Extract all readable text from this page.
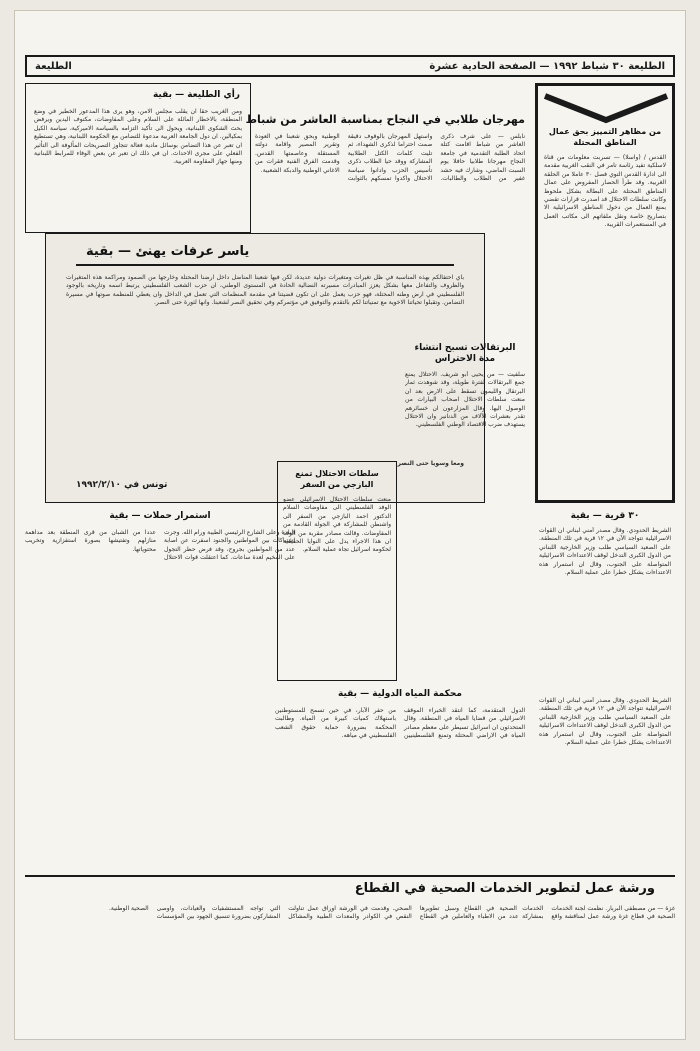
الطليعة ٣٠ شباط ١٩٩٢ — الصفحة الحادية عشرة
الطليعة
من مظاهر التمييز بحق عمال المناطق المحتلة
القدس / (واسلا) — تسربت معلومات من قناة لاسلكية تفيد رئاسة تامر في النقب الغربية مقدمة الى ادارة القدس التوي فصل ٣٠ عاملا من الحلقة الغربية. وقد طرأ الحصار المفروض على عمال المناطق المحتلة على البطالة بشكل ملحوظ وكانت سلطات الاحتلال قد اصدرت قرارات تقضي بمنع العمال من دخول المناطق الاسرائيلية الا بتصاريح خاصة ونقل ملفاتهم الى مكاتب العمل في المستعمرات القريبة.
٣٠ قرية — بقية
الشريط الحدودي. وقال مصدر أمني لبناني ان القوات الاسرائيلية تتواجد الآن في ١٢ قرية في تلك المنطقة. على الصعيد السياسي طلب وزير الخارجية اللبناني من الدول الكبرى التدخل لوقف الاعتداءات الاسرائيلية المتواصلة على الجنوب، وقال ان استمرار هذه الاعتداءات يشكل خطرا على عملية السلام.
مهرجان طلابي في النجاح بمناسبة العاشر من شباط
نابلس — على شرف ذكرى العاشر من شباط اقامت كتلة اتحاد الطلبة التقدمية في جامعة النجاح مهرجانا طلابيا حافلا يوم السبت الماضي، وشارك فيه حشد غفير من الطلاب والطالبات. واستهل المهرجان بالوقوف دقيقة صمت احتراما لذكرى الشهداء، ثم تليت كلمات الكتل الطلابية المشاركة ووقد حيا الطلاب ذكرى تأسيس الحزب وادانوا سياسة الاحتلال واكدوا تمسكهم بالثوابت الوطنية وبحق شعبنا في العودة وتقرير المصير واقامة دولته المستقلة وعاصمتها القدس. وقدمت الفرق الفنية فقرات من الاغاني الوطنية والدبكة الشعبية.
رأي الطليعة — بقية
ومن الغريب حقا ان يقلب مجلس الامن، وهو يرى هذا المدعور الخطير في وضع المنطقة، بالاخطار المائلة على السلام وعلى المفاوضات، مكتوف اليدين ويرفض بحث الشكوى اللبنانية، ويحول الى تأكيد التزامه بالسياسة الاميركية، سياسة الكيل بمكيالين. ان دول الجامعة العربية مدعوة للتضامن مع الحكومة اللبنانية، وهي تستطيع ان تعبر عن هذا التضامن بوسائل مادية فعالة تتجاوز التصريحات المألوفة الى التأثير الفعلي على مجرى الاحداث. ان في ذلك ان تعبر عن بعض الوفاء للمرابط اللبنانية ومنها جهاز المقاومة العربية.
ياسر عرفات يهنئ — بقية
بأي احتفالكم بهذه المناسبة في ظل تغيرات ومتغيرات دولية عديدة، لكن فيها شعبنا المناضل داخل ارضنا المحتلة وخارجها من الصمود ومراكمة هذه المتغيرات والظروف والتفاعل معها بشكل يعزز المبادرات مسيرته النضالية الحادة في المستوى الوطني، ان حزب الشعب الفلسطيني يرتبط اسمه وتاريخه بالوجود الفلسطيني في ارض وطنه المحتلة، فهو حزب يعمل على ان تكون قضيتنا في مقدمة المنظمات التي تعمل في الداخل وان يعطي للمنظمة صوتها في مسيرة التضامن. وتقبلوا تحياتنا الاخوية مع تمنياتنا لكم بالتقدم والتوفيق في مؤتمركم وفي تحقيق النصر لشعبنا. وانها لثورة حتى النصر.
ومعا وسويا حتى النصر
تونس في ١٩٩٢/٢/١٠
البرتقالات تسبح انتشاء مدة الاحتراس
سلفيت — من يحيى أبو شريف. الاحتلال يمنع جمع البرتقالات لفترة طويلة، وقد شوهدت ثمار البرتقال والليمون تسقط على الارض بعد ان منعت سلطات الاحتلال اصحاب البيارات من الوصول اليها. وقال المزارعون ان خسائرهم تقدر بعشرات الآلاف من الدنانير وان الاحتلال يستهدف ضرب الاقتصاد الوطني الفلسطيني.
سلطات الاحتلال تمنع البازجي من السفر
منعت سلطات الاحتلال الاسرائيلي عضو الوفد الفلسطيني الى مفاوضات السلام الدكتور احمد البازجي من السفر الى واشنطن للمشاركة في الجولة القادمة من المفاوضات. وقالت مصادر مقربة من الوفد ان هذا الاجراء يدل على النوايا الحقيقية لحكومة اسرائيل تجاه عملية السلام.
استمرار حملات — بقية
البلدة وعلى الشارع الرئيسي الطيبة ورام الله. وجرت اشتباكات بين المواطنين والجنود اسفرت عن اصابة عدد من المواطنين بجروح، وقد فرض حظر التجول على المخيم لعدة ساعات. كما اعتقلت قوات الاحتلال عددا من الشبان من قرى المنطقة بعد مداهمة منازلهم وتفتيشها بصورة استفزازية وتخريب محتوياتها.
محكمة المياه الدولية — بقية
الدول المتقدمة، كما انتقد الخبراء الموقف الاسرائيلي من قضايا المياه في المنطقة. وقال المتحدثون ان اسرائيل تسيطر على معظم مصادر المياه في الاراضي المحتلة وتمنع الفلسطينيين من حفر الآبار، في حين تسمح للمستوطنين باستهلاك كميات كبيرة من المياه. وطالبت المحكمة بضرورة حماية حقوق الشعب الفلسطيني في مياهه.
الشريط الحدودي. وقال مصدر أمني لبناني ان القوات الاسرائيلية تتواجد الآن في ١٢ قرية في تلك المنطقة. على الصعيد السياسي طلب وزير الخارجية اللبناني من الدول الكبرى التدخل لوقف الاعتداءات الاسرائيلية المتواصلة على الجنوب، وقال ان استمرار هذه الاعتداءات يشكل خطرا على عملية السلام.
ورشة عمل لتطوير الخدمات الصحية في القطاع
غزة — من مصطفى البربار. نظمت لجنة الخدمات الصحية في قطاع غزة ورشة عمل لمناقشة واقع الخدمات الصحية في القطاع وسبل تطويرها بمشاركة عدد من الاطباء والعاملين في القطاع الصحي. وقدمت في الورشة اوراق عمل تناولت النقص في الكوادر والمعدات الطبية والمشاكل التي تواجه المستشفيات والعيادات، واوصى المشاركون بضرورة تنسيق الجهود بين المؤسسات الصحية الوطنية.
